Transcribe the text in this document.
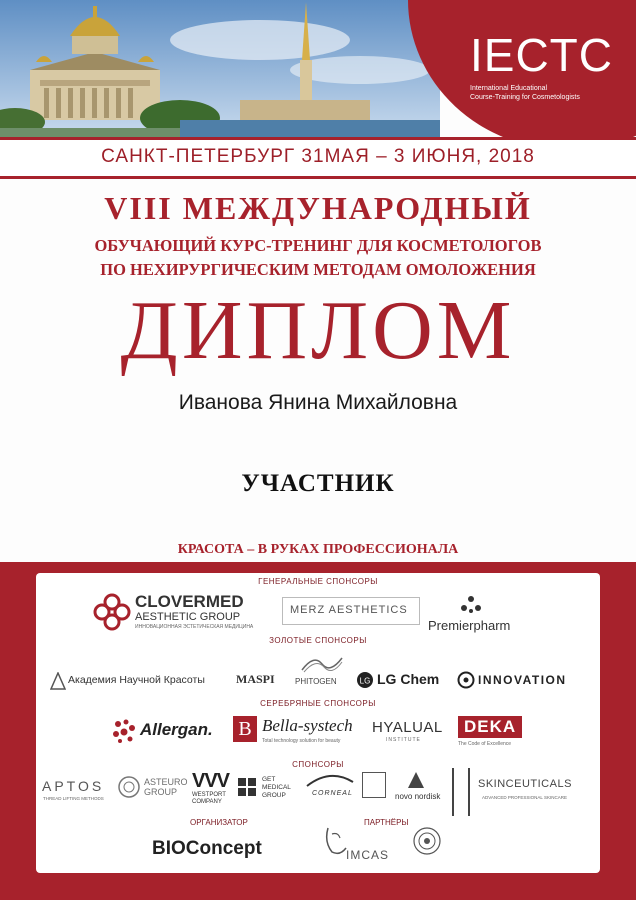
IECTC
International Educational
Course-Training for Cosmetologists
САНКТ-ПЕТЕРБУРГ 31МАЯ – 3 ИЮНЯ, 2018
VIII МЕЖДУНАРОДНЫЙ
ОБУЧАЮЩИЙ КУРС-ТРЕНИНГ ДЛЯ КОСМЕТОЛОГОВ
ПО НЕХИРУРГИЧЕСКИМ МЕТОДАМ ОМОЛОЖЕНИЯ
ДИПЛОМ
Иванова Янина Михайловна
УЧАСТНИК
КРАСОТА – В РУКАХ ПРОФЕССИОНАЛА
ГЕНЕРАЛЬНЫЕ СПОНСОРЫ
CLOVERMED
AESTHETIC GROUP
ИННОВАЦИОННАЯ ЭСТЕТИЧЕСКАЯ МЕДИЦИНА
MERZ AESTHETICS
Premierpharm
ЗОЛОТЫЕ СПОНСОРЫ
Академия Научной Красоты	MASPI	PHITOGEN	LG LG Chem	INNOVATION
СЕРЕБРЯНЫЕ СПОНСОРЫ
Allergan. B Bella-systech
Total technology solution for beauty
HYALUAL
INSTITUTE
DEKA
The Code of Excellence
СПОНСОРЫ
APTOS
THREAD LIFTING METHODS
ASTEURO
GROUP VVV
WESTPORT
COMPANY
GET
MEDICAL
GROUP	CORNEAL	novo nordisk
SKINCEUTICALS
ADVANCED PROFESSIONAL SKINCARE
ОРГАНИЗАТОР
BIOConcept
ПАРТНЁРЫ
IMCAS
